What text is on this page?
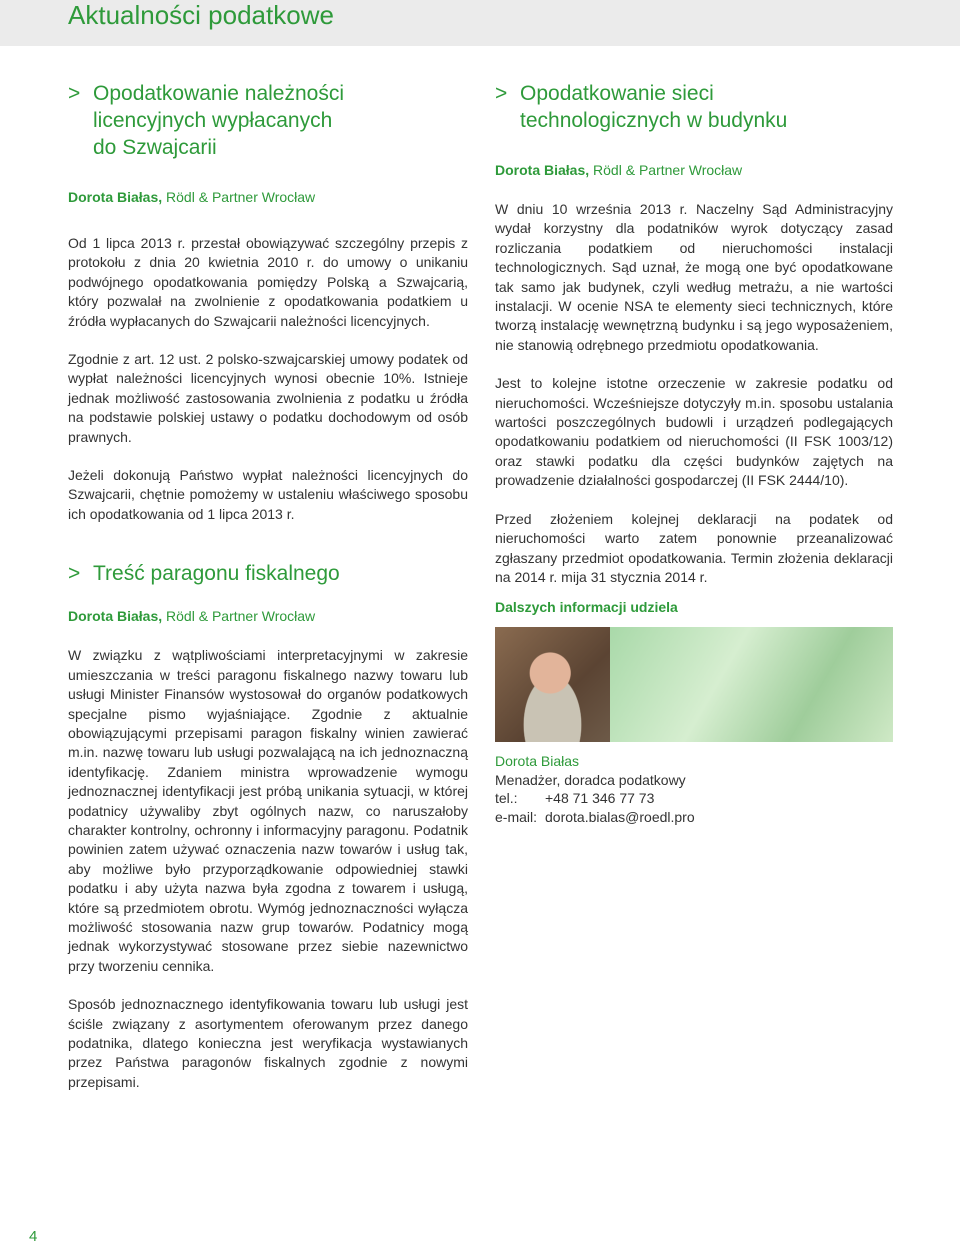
Aktualności podatkowe
> Opodatkowanie należności
licencyjnych wypłacanych
do Szwajcarii

Dorota Białas, Rödl & Partner Wrocław

Od 1 lipca 2013 r. przestał obowiązywać szczególny przepis z protokołu z dnia 20 kwietnia 2010 r. do umowy o unikaniu podwójnego opodatkowania pomiędzy Polską a Szwajcarią, który pozwalał na zwolnienie z opodatkowania podatkiem u źródła wypłacanych do Szwajcarii należności licencyjnych.

Zgodnie z art. 12 ust. 2 polsko-szwajcarskiej umowy podatek od wypłat należności licencyjnych wynosi obecnie 10%. Istnieje jednak możliwość zastosowania zwolnienia z podatku u źródła na podstawie polskiej ustawy o podatku dochodowym od osób prawnych.

Jeżeli dokonują Państwo wypłat należności licencyjnych do Szwajcarii, chętnie pomożemy w ustaleniu właściwego sposobu ich opodatkowania od 1 lipca 2013 r.

> Treść paragonu fiskalnego

Dorota Białas, Rödl & Partner Wrocław

W związku z wątpliwościami interpretacyjnymi w zakresie umieszczania w treści paragonu fiskalnego nazwy towaru lub usługi Minister Finansów wystosował do organów podatkowych specjalne pismo wyjaśniające. Zgodnie z aktualnie obowiązującymi przepisami paragon fiskalny winien zawierać m.in. nazwę towaru lub usługi pozwalającą na ich jednoznaczną identyfikację. Zdaniem ministra wprowadzenie wymogu jednoznacznej identyfikacji jest próbą unikania sytuacji, w której podatnicy używaliby zbyt ogólnych nazw, co naruszałoby charakter kontrolny, ochronny i informacyjny paragonu. Podatnik powinien zatem używać oznaczenia nazw towarów i usług tak, aby możliwe było przyporządkowanie odpowiedniej stawki podatku i aby użyta nazwa była zgodna z towarem i usługą, które są przedmiotem obrotu. Wymóg jednoznaczności wyłącza możliwość stosowania nazw grup towarów. Podatnicy mogą jednak wykorzystywać stosowane przez siebie nazewnictwo przy tworzeniu cennika.

Sposób jednoznacznego identyfikowania towaru lub usługi jest ściśle związany z asortymentem oferowanym przez danego podatnika, dlatego konieczna jest weryfikacja wystawianych przez Państwa paragonów fiskalnych zgodnie z nowymi przepisami.

> Opodatkowanie sieci
technologicznych w budynku

Dorota Białas, Rödl & Partner Wrocław

W dniu 10 września 2013 r. Naczelny Sąd Administracyjny wydał korzystny dla podatników wyrok dotyczący zasad rozliczania podatkiem od nieruchomości instalacji technologicznych. Sąd uznał, że mogą one być opodatkowane tak samo jak budynek, czyli według metrażu, a nie wartości instalacji. W ocenie NSA te elementy sieci technicznych, które tworzą instalację wewnętrzną budynku i są jego wyposażeniem, nie stanowią odrębnego przedmiotu opodatkowania.

Jest to kolejne istotne orzeczenie w zakresie podatku od nieruchomości. Wcześniejsze dotyczyły m.in. sposobu ustalania wartości poszczególnych budowli i urządzeń podlegających opodatkowaniu podatkiem od nieruchomości (II FSK 1003/12) oraz stawki podatku dla części budynków zajętych na prowadzenie działalności gospodarczej (II FSK 2444/10).

Przed złożeniem kolejnej deklaracji na podatek od nieruchomości warto zatem ponownie przeanalizować zgłaszany przedmiot opodatkowania. Termin złożenia deklaracji na 2014 r. mija 31 stycznia 2014 r.

Dalszych informacji udziela

Dorota Białas
Menadżer, doradca podatkowy
tel.:	+48 71 346 77 73
e-mail: dorota.bialas@roedl.pro
4
